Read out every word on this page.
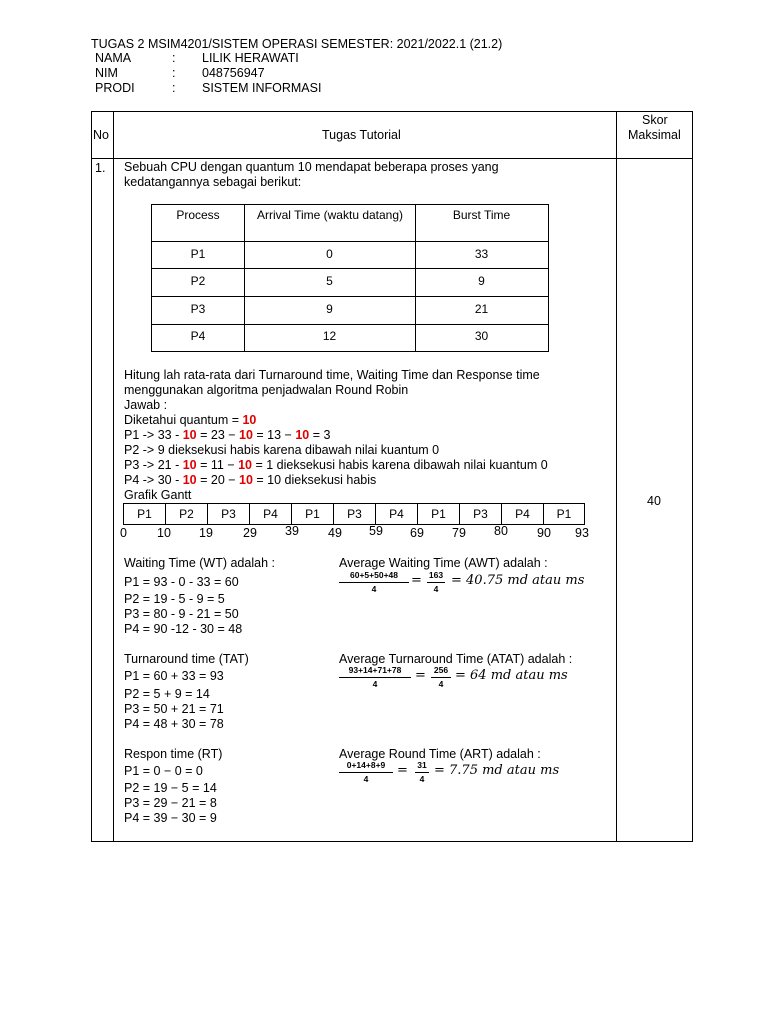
TUGAS 2 MSIM4201/SISTEM OPERASI SEMESTER: 2021/2022.1 (21.2)
NAMA	: LILIK HERAWATI
NIM	: 048756947
PRODI	: SISTEM INFORMASI
No	Tugas Tutorial
Skor
Maksimal
1.
40
Sebuah CPU dengan quantum 10 mendapat beberapa proses yang
kedatangannya sebagai berikut:
Process	Arrival Time (waktu datang)	Burst Time
P1	0	33
P2	5	9
P3	9	21
P4	12	30
Hitung lah rata-rata dari Turnaround time, Waiting Time dan Response time
menggunakan algoritma penjadwalan Round Robin
Jawab :
Diketahui quantum = 10
P1 -> 33 - 10 = 23 − 10 = 13 − 10 = 3
P2 -> 9 dieksekusi habis karena dibawah nilai kuantum 0
P3 -> 21 - 10 = 11 − 10 = 1 dieksekusi habis karena dibawah nilai kuantum 0
P4 -> 30 - 10 = 20 − 10 = 10 dieksekusi habis
Grafik Gantt
P1	P2	P3	P4	P1	P3	P4	P1	P3	P4	P1
0 10 19 29 39 49 59 69 79 80 90 93
Waiting Time (WT) adalah :
P1 = 93 - 0 - 33 = 60
P2 = 19 - 5 - 9 = 5
P3 = 80 - 9 - 21 = 50
P4 = 90 -12 - 30 = 48
Average Waiting Time (AWT) adalah :
60+5+50+48
4
= 163
4
= 40.75 md atau ms
Turnaround time (TAT)
P1 = 60 + 33 = 93
P2 = 5 + 9 = 14
P3 = 50 + 21 = 71
P4 = 48 + 30 = 78
Average Turnaround Time (ATAT) adalah :
93+14+71+78
4
= 256
4
= 64 md atau ms
Respon time (RT)
P1 = 0 − 0 = 0
P2 = 19 − 5 = 14
P3 = 29 − 21 = 8
P4 = 39 − 30 = 9
Average Round Time (ART) adalah :
0+14+8+9
4
=	31
4
= 7.75 md atau ms
